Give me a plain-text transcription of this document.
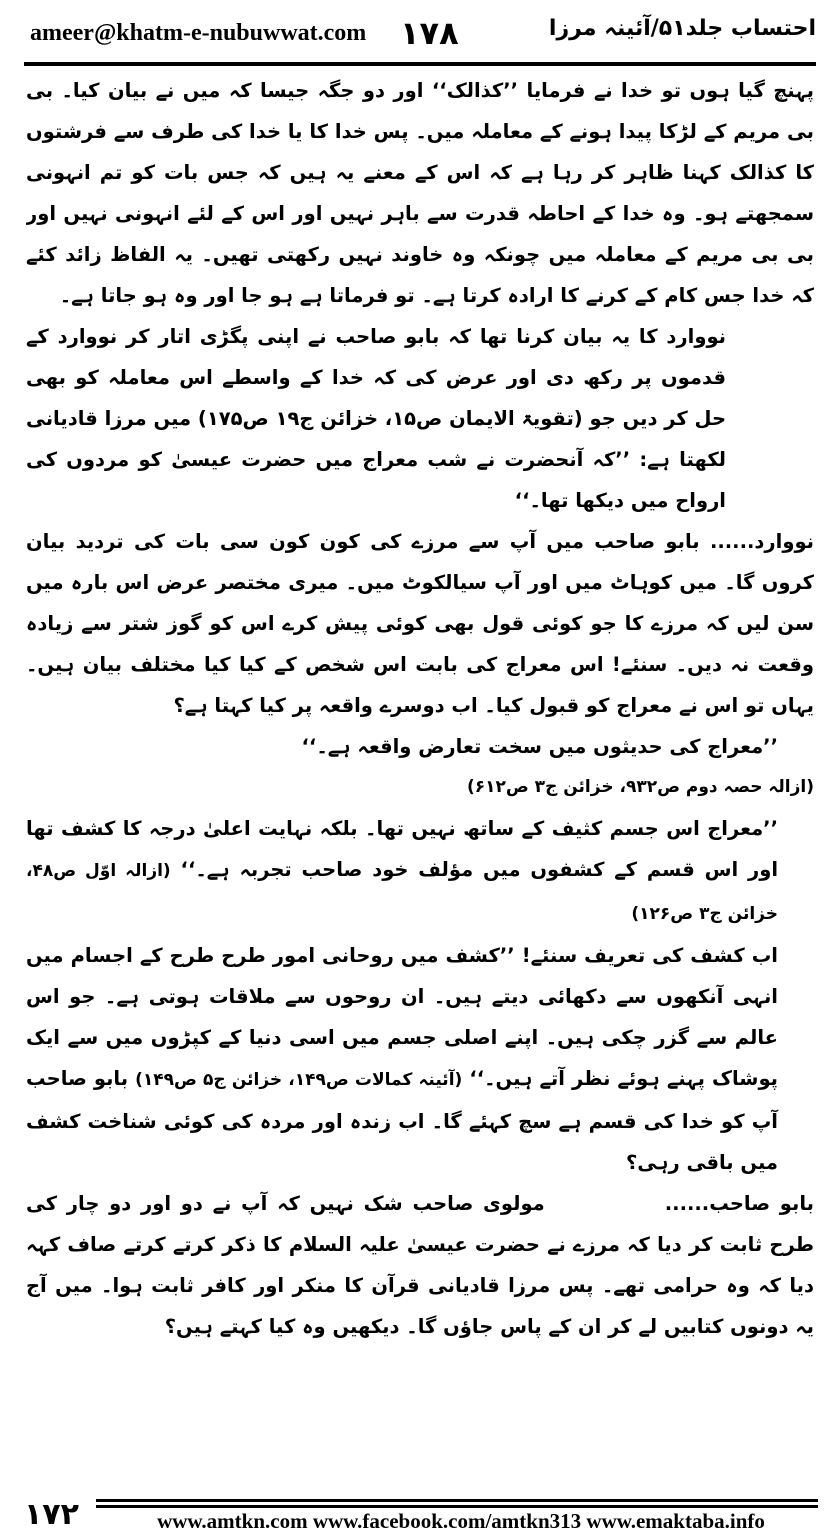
ameer@khatm-e-nubuwwat.com ۱۷۸	احتساب جلد۵۱/آئینہ مرزا

پہنچ گیا ہوں تو خدا نے فرمایا ’’کذالک‘‘ اور دو جگہ جیسا کہ میں نے بیان کیا۔ بی بی مریم کے لڑکا پیدا ہونے کے معاملہ میں۔ پس خدا کا یا خدا کی طرف سے فرشتوں کا کذالک کہنا ظاہر کر رہا ہے کہ اس کے معنے یہ ہیں کہ جس بات کو تم انہونی سمجھتے ہو۔ وہ خدا کے احاطہ قدرت سے باہر نہیں اور اس کے لئے انہونی نہیں اور بی بی مریم کے معاملہ میں چونکہ وہ خاوند نہیں رکھتی تھیں۔ یہ الفاظ زائد کئے کہ خدا جس کام کے کرنے کا ارادہ کرتا ہے۔ تو فرماتا ہے ہو جا اور وہ ہو جاتا ہے۔

نووارد کا یہ بیان کرنا تھا کہ بابو صاحب نے اپنی پگڑی اتار کر نووارد کے قدموں پر رکھ دی اور عرض کی کہ خدا کے واسطے اس معاملہ کو بھی حل کر دیں جو (تقویۃ الایمان ص۱۵، خزائن ج۱۹ ص۱۷۵) میں مرزا قادیانی لکھتا ہے: ’’کہ آنحضرت نے شب معراج میں حضرت عیسیٰ کو مردوں کی ارواح میں دیکھا تھا۔‘‘

نووارد...... بابو صاحب میں آپ سے مرزے کی کون کون سی بات کی تردید بیان کروں گا۔ میں کوہاٹ میں اور آپ سیالکوٹ میں۔ میری مختصر عرض اس بارہ میں سن لیں کہ مرزے کا جو کوئی قول بھی کوئی پیش کرے اس کو گوز شتر سے زیادہ وقعت نہ دیں۔ سنئے! اس معراج کی بابت اس شخص کے کیا کیا مختلف بیان ہیں۔ یہاں تو اس نے معراج کو قبول کیا۔ اب دوسرے واقعہ پر کیا کہتا ہے؟

’’معراج کی حدیثوں میں سخت تعارض واقعہ ہے۔‘‘

(ازالہ حصہ دوم ص۹۳۲، خزائن ج۳ ص۶۱۲)

’’معراج اس جسم کثیف کے ساتھ نہیں تھا۔ بلکہ نہایت اعلیٰ درجہ کا کشف تھا اور اس قسم کے کشفوں میں مؤلف خود صاحب تجربہ ہے۔‘‘ (ازالہ اوّل ص۴۸، خزائن ج۳ ص۱۲۶)

اب کشف کی تعریف سنئے! ’’کشف میں روحانی امور طرح طرح کے اجسام میں انہی آنکھوں سے دکھائی دیتے ہیں۔ ان روحوں سے ملاقات ہوتی ہے۔ جو اس عالم سے گزر چکی ہیں۔ اپنے اصلی جسم میں اسی دنیا کے کپڑوں میں سے ایک پوشاک پہنے ہوئے نظر آتے ہیں۔‘‘ (آئینہ کمالات ص۱۴۹، خزائن ج۵ ص۱۴۹) بابو صاحب آپ کو خدا کی قسم ہے سچ کہئے گا۔ اب زندہ اور مردہ کی کوئی شناخت کشف میں باقی رہی؟

بابو صاحب......مولوی صاحب شک نہیں کہ آپ نے دو اور دو چار کی طرح ثابت کر دیا کہ مرزے نے حضرت عیسیٰ علیہ السلام کا ذکر کرتے کرتے صاف کہہ دیا کہ وہ حرامی تھے۔ پس مرزا قادیانی قرآن کا منکر اور کافر ثابت ہوا۔ میں آج یہ دونوں کتابیں لے کر ان کے پاس جاؤں گا۔ دیکھیں وہ کیا کہتے ہیں؟

۱۷۲	www.amtkn.com www.facebook.com/amtkn313 www.emaktaba.info
